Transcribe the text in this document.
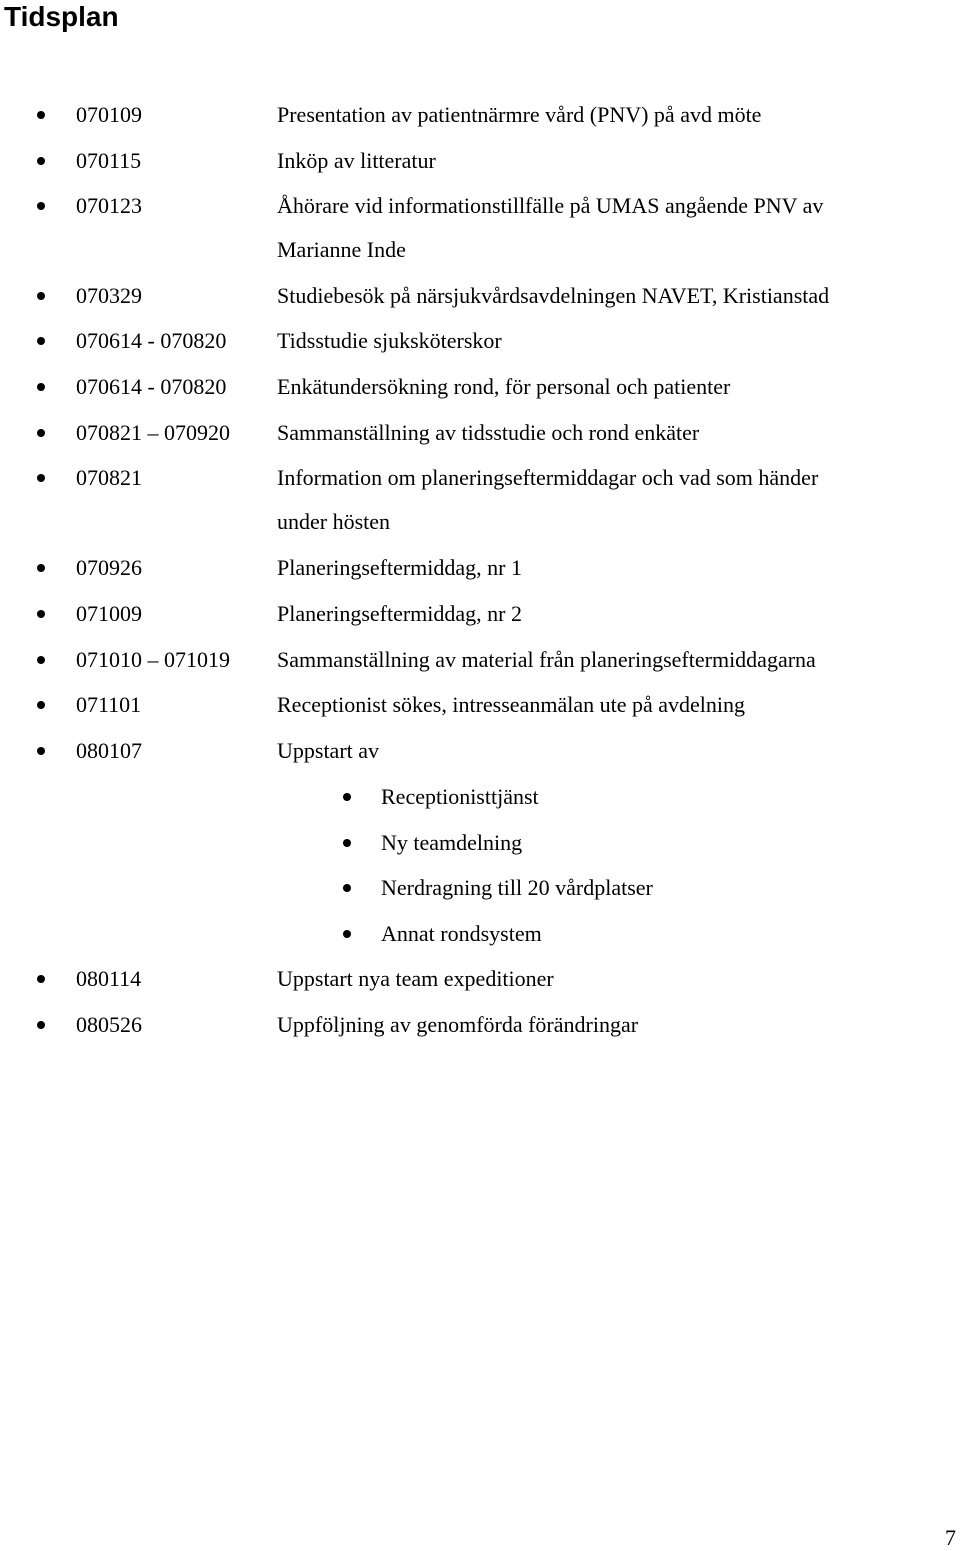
Tidsplan
070109	Presentation av patientnärmre vård (PNV) på avd möte
070115	Inköp av litteratur
070123	Åhörare vid informationstillfälle på UMAS angående PNV av
Marianne Inde
070329	Studiebesök på närsjukvårdsavdelningen NAVET, Kristianstad
070614 - 070820 Tidsstudie sjuksköterskor
070614 - 070820 Enkätundersökning rond, för personal och patienter
070821 – 070920 Sammanställning av tidsstudie och rond enkäter
070821	Information om planeringseftermiddagar och vad som händer
under hösten
070926	Planeringseftermiddag, nr 1
071009	Planeringseftermiddag, nr 2
071010 – 071019 Sammanställning av material från planeringseftermiddagarna
071101	Receptionist sökes, intresseanmälan ute på avdelning
080107	Uppstart av
Receptionisttjänst
Ny teamdelning
Nerdragning till 20 vårdplatser
Annat rondsystem
080114	Uppstart nya team expeditioner
080526	Uppföljning av genomförda förändringar
7
